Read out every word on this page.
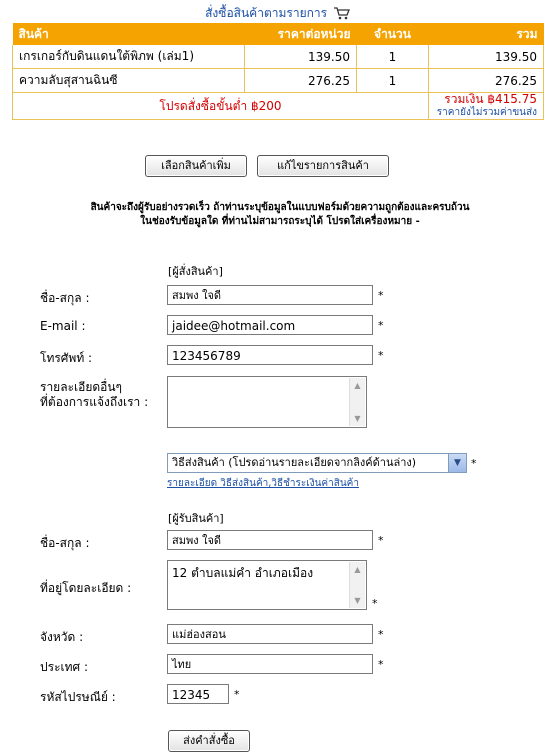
สั่งซื้อสินค้าตามรายการ
สินค้า	ราคาต่อหน่วย	จำนวน	รวม
เกรเกอร์กับดินแดนใต้พิภพ (เล่ม1)	139.50	1	139.50
ความลับสุสานฉินซี	276.25	1	276.25
โปรดสั่งซื้อขั้นต่ำ ฿200			รวมเงิน ฿415.75
ราคายังไม่รวมค่าขนส่ง
เลือกสินค้าเพิ่ม	แก้ไขรายการสินค้า
สินค้าจะถึงผู้รับอย่างรวดเร็ว ถ้าท่านระบุข้อมูลในแบบฟอร์มด้วยความถูกต้องและครบถ้วน
ในช่องรับข้อมูลใด ที่ท่านไม่สามารถระบุได้ โปรดใส่เครื่องหมาย -
[ผู้สั่งสินค้า]
ชื่อ-สกุล :	สมพง ใจดี	*
E-mail :	jaidee@hotmail.com	*
โทรศัพท์ :	123456789	*
รายละเอียดอื่นๆ
ที่ต้องการแจ้งถึงเรา :
▲
▼
วิธีส่งสินค้า (โปรดอ่านรายละเอียดจากลิงค์ด้านล่าง)	▼ *
รายละเอียด วิธีส่งสินค้า,วิธีชำระเงินค่าสินค้า
[ผู้รับสินค้า]
ชื่อ-สกุล :	สมพง ใจดี	*
ที่อยู่โดยละเอียด :
12 ตำบลแม่คำ อำเภอเมือง	▲
▼	*
จังหวัด :	แม่ฮ่องสอน	*
ประเทศ :	ไทย	*
รหัสไปรษณีย์ :	12345	*
ส่งคำสั่งซื้อ
